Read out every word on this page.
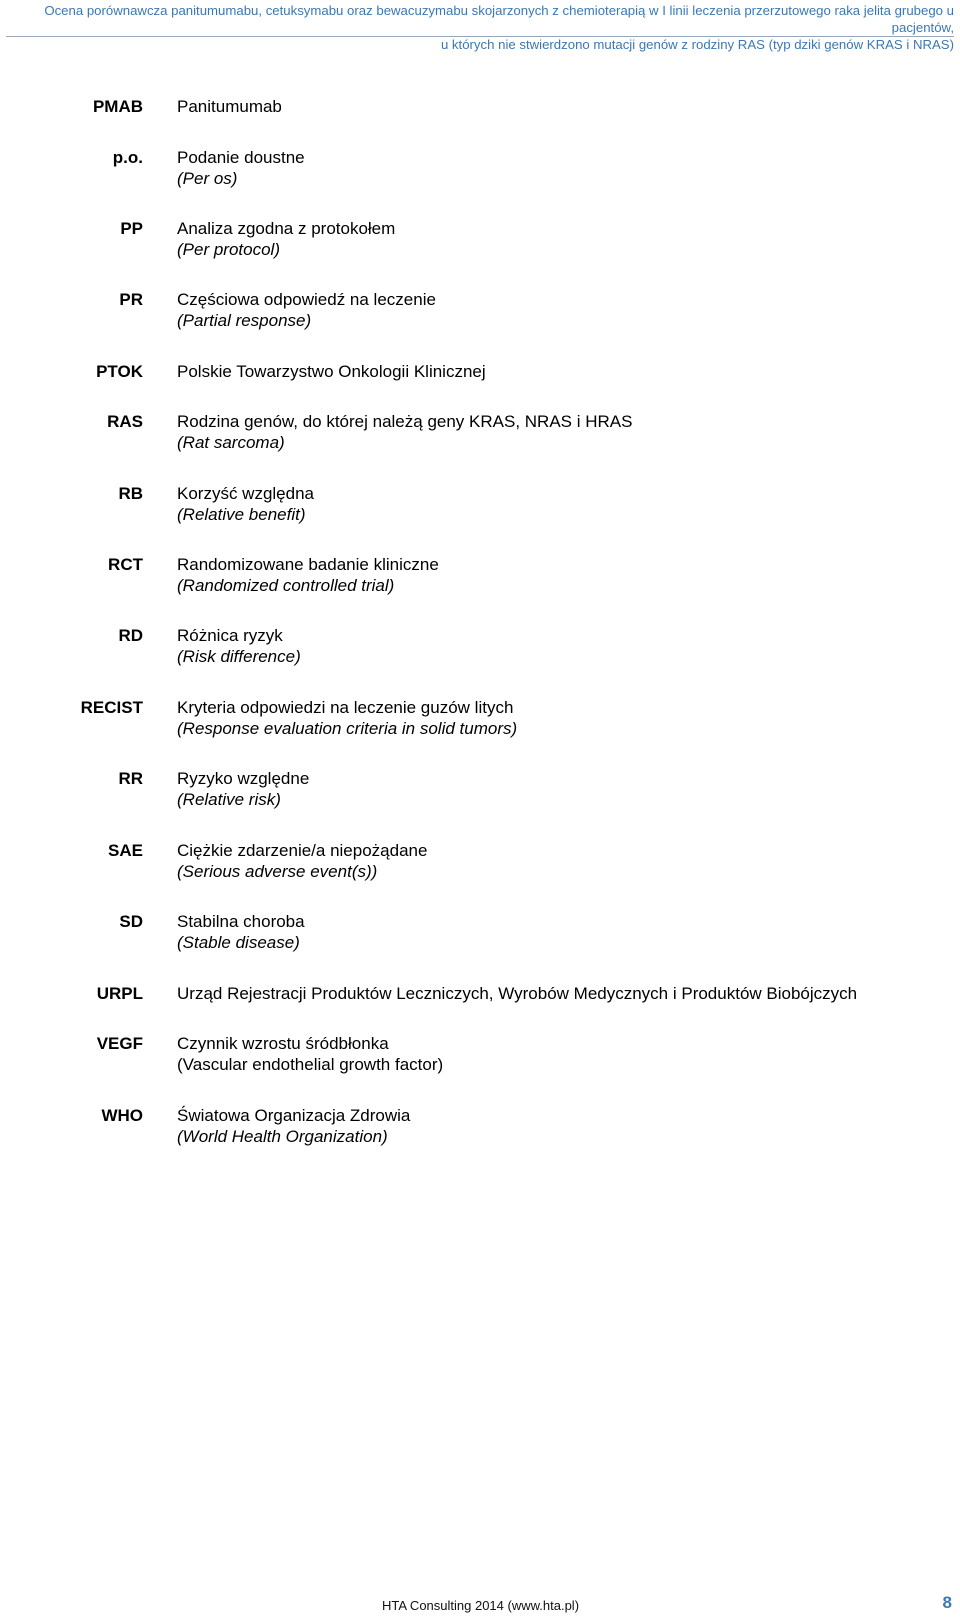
Ocena porównawcza panitumumabu, cetuksymabu oraz bewacuzymabu skojarzonych z chemioterapią w I linii leczenia przerzutowego raka jelita grubego u pacjentów,
u których nie stwierdzono mutacji genów z rodziny RAS (typ dziki genów KRAS i NRAS)
PMAB Panitumumab
p.o. Podanie doustne
(Per os)
PP Analiza zgodna z protokołem
(Per protocol)
PR Częściowa odpowiedź na leczenie
(Partial response)
PTOK Polskie Towarzystwo Onkologii Klinicznej
RAS Rodzina genów, do której należą geny KRAS, NRAS i HRAS
(Rat sarcoma)
RB Korzyść względna
(Relative benefit)
RCT Randomizowane badanie kliniczne
(Randomized controlled trial)
RD Różnica ryzyk
(Risk difference)
RECIST Kryteria odpowiedzi na leczenie guzów litych
(Response evaluation criteria in solid tumors)
RR Ryzyko względne
(Relative risk)
SAE Ciężkie zdarzenie/a niepożądane
(Serious adverse event(s))
SD Stabilna choroba
(Stable disease)
URPL Urząd Rejestracji Produktów Leczniczych, Wyrobów Medycznych i Produktów Biobójczych
VEGF Czynnik wzrostu śródbłonka
(Vascular endothelial growth factor)
WHO Światowa Organizacja Zdrowia
(World Health Organization)
HTA Consulting 2014 (www.hta.pl)	8
